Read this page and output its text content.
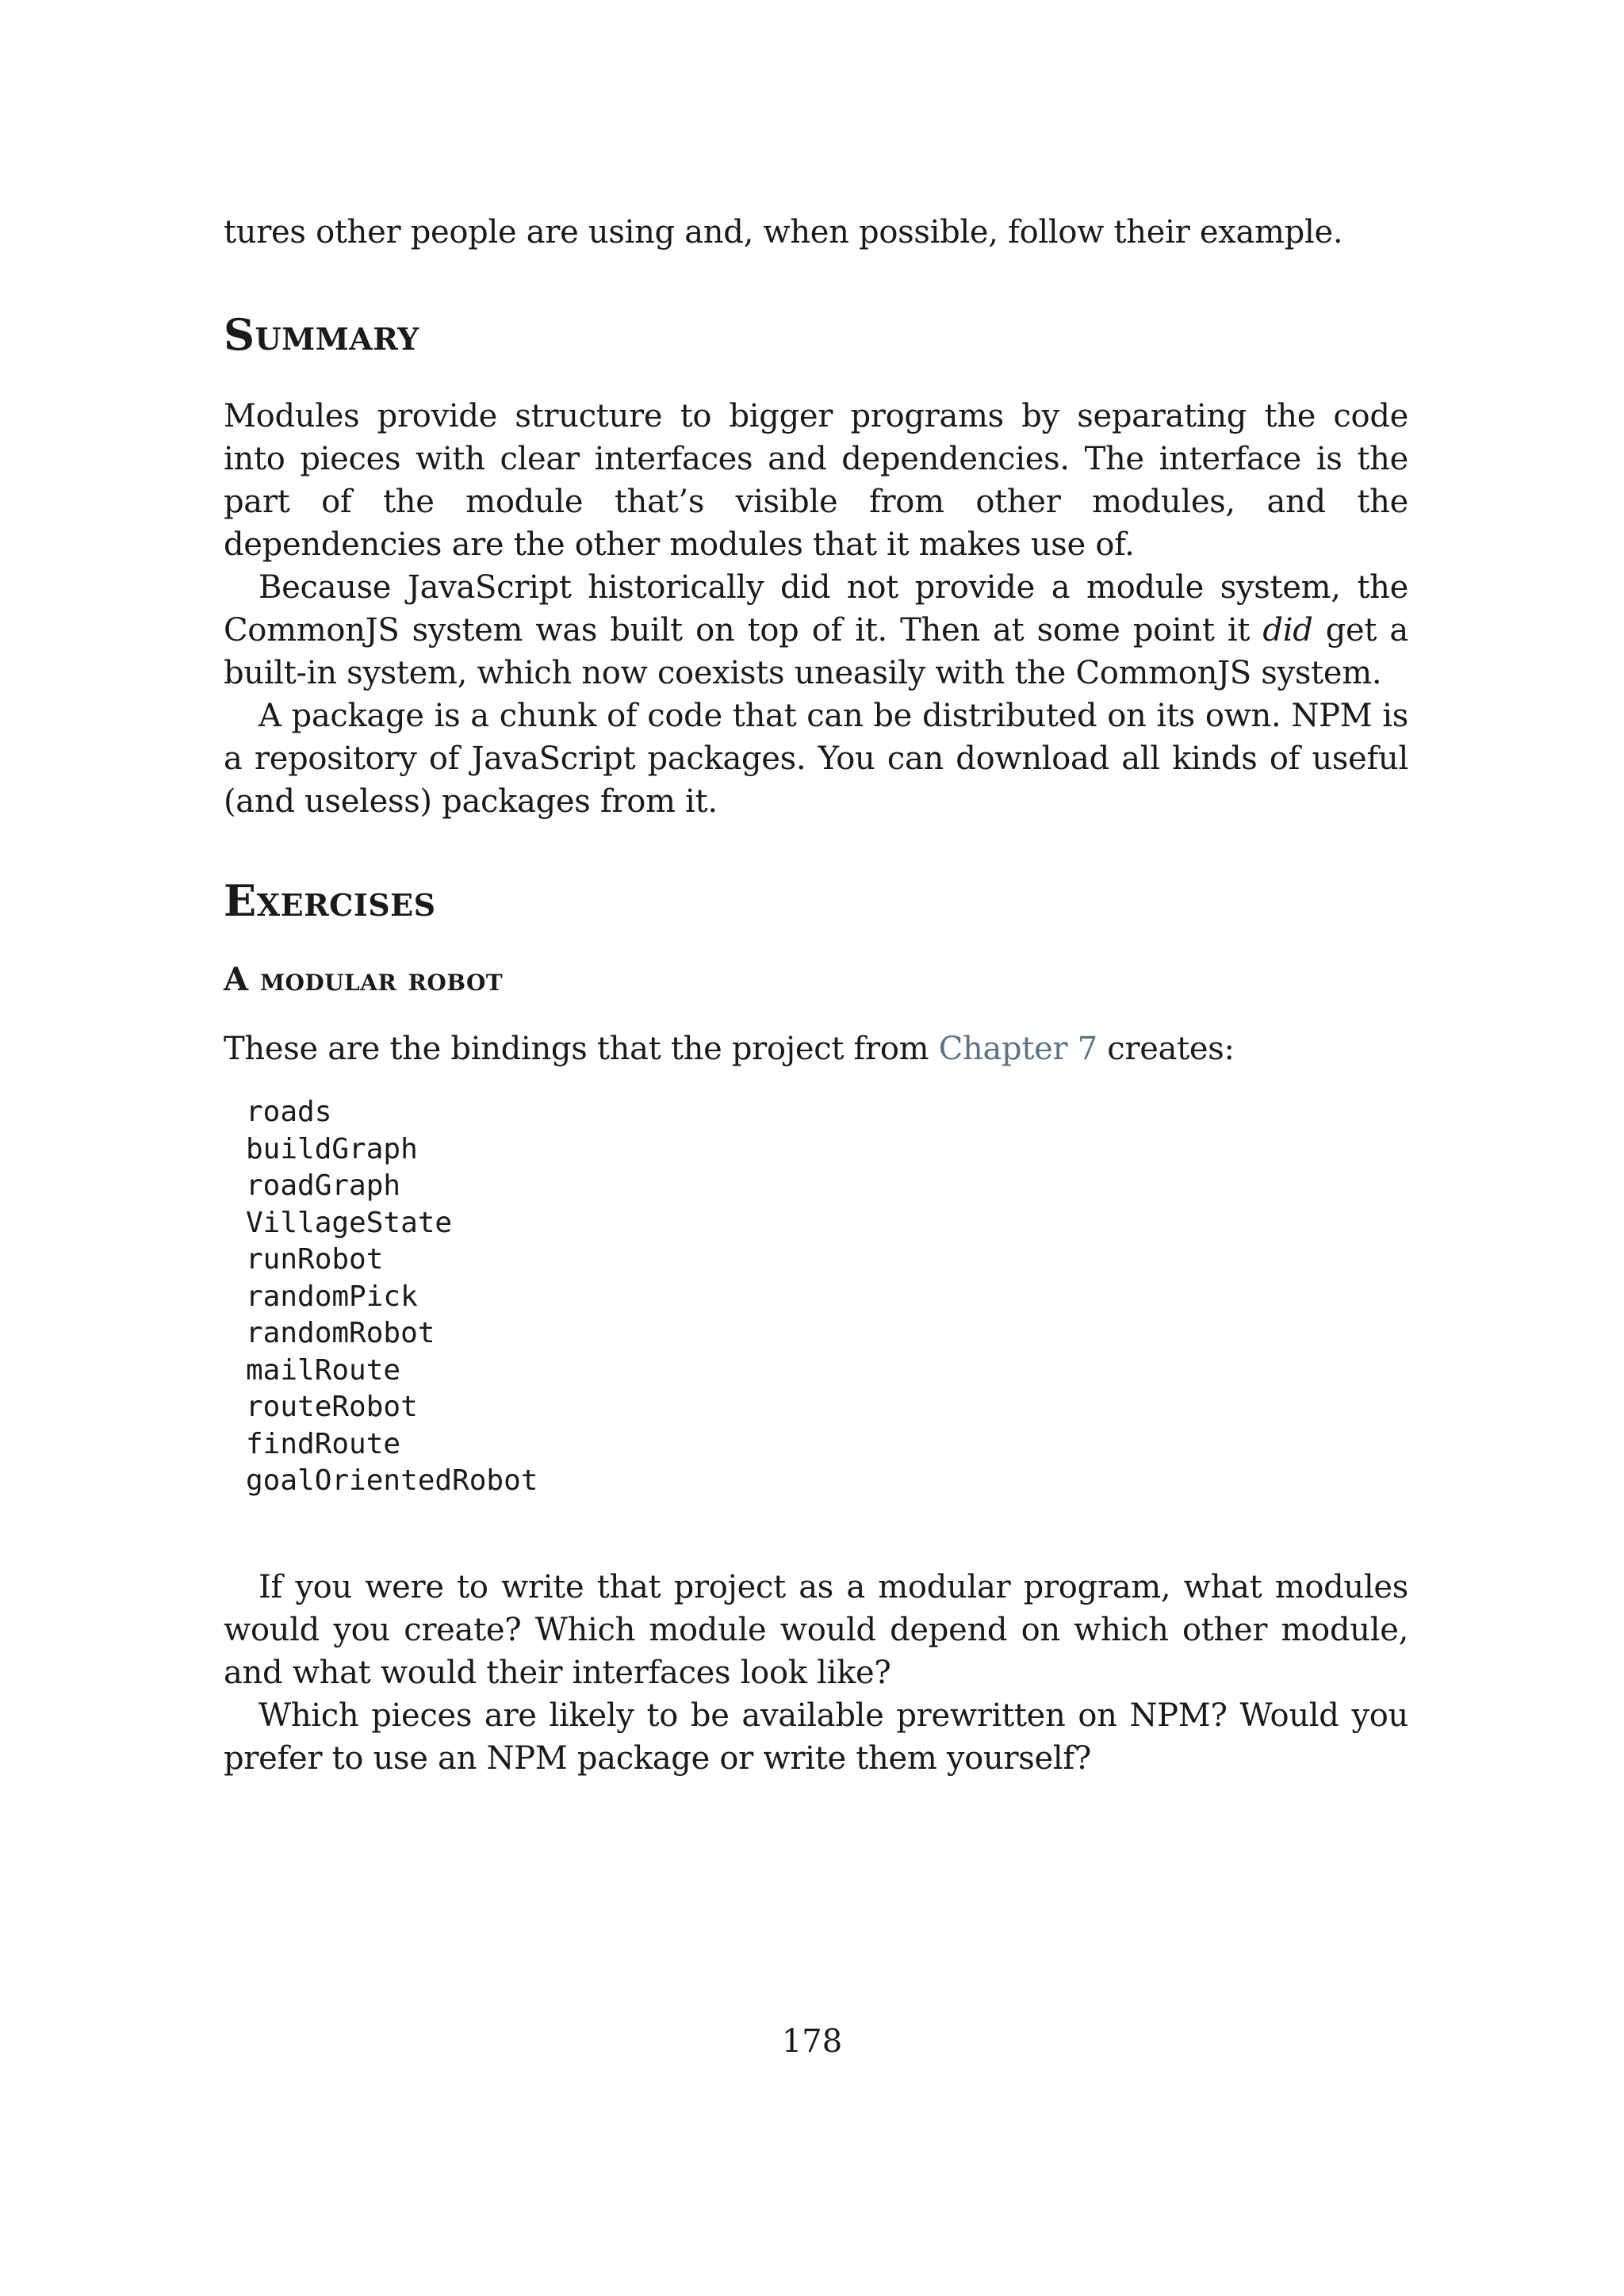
tures other people are using and, when possible, follow their example.

Summary

Modules provide structure to bigger programs by separating the code into pieces with clear interfaces and dependencies. The interface is the part of the module that’s visible from other modules, and the dependencies are the other modules that it makes use of.

Because JavaScript historically did not provide a module system, the CommonJS system was built on top of it. Then at some point it did get a built-in system, which now coexists uneasily with the CommonJS system.

A package is a chunk of code that can be distributed on its own. NPM is a repository of JavaScript packages. You can download all kinds of useful (and useless) packages from it.

Exercises
A modular robot

These are the bindings that the project from Chapter 7 creates:

roads
buildGraph
roadGraph
VillageState
runRobot
randomPick
randomRobot
mailRoute
routeRobot
findRoute
goalOrientedRobot

If you were to write that project as a modular program, what modules would you create? Which module would depend on which other module, and what would their interfaces look like?

Which pieces are likely to be available prewritten on NPM? Would you prefer to use an NPM package or write them yourself?

178
